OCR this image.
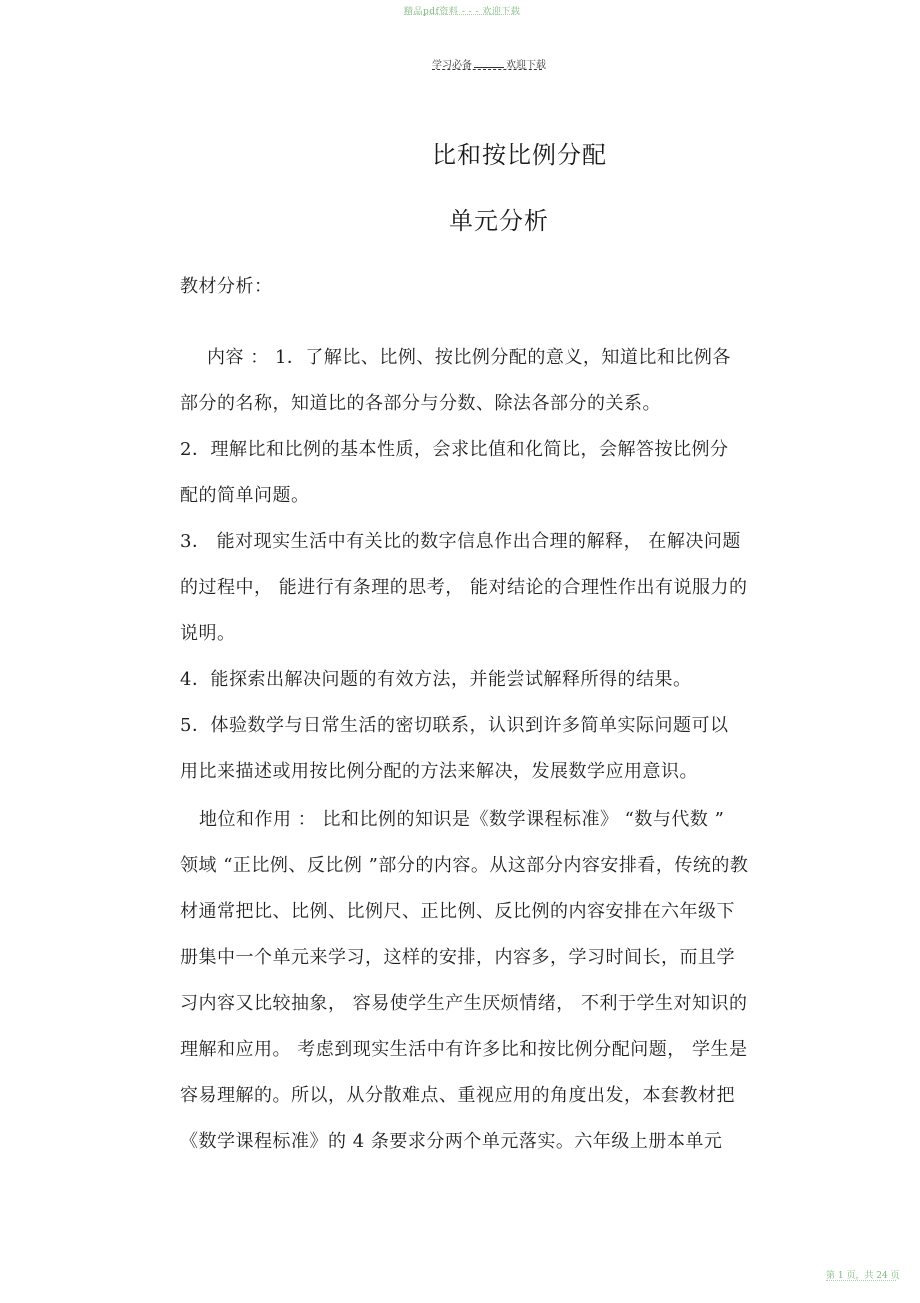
精品pdf资料 - - - 欢迎下载
学习必备	欢迎下载
比和按比例分配
单元分析
教材分析：
内容 ： 1．了解比、比例、按比例分配的意义，知道比和比例各
部分的名称，知道比的各部分与分数、除法各部分的关系。
2．理解比和比例的基本性质，会求比值和化简比，会解答按比例分
配的简单问题。
3． 能对现实生活中有关比的数字信息作出合理的解释， 在解决问题
的过程中， 能进行有条理的思考， 能对结论的合理性作出有说服力的
说明。
4．能探索出解决问题的有效方法，并能尝试解释所得的结果。
5．体验数学与日常生活的密切联系，认识到许多简单实际问题可以
用比来描述或用按比例分配的方法来解决，发展数学应用意识。
地位和作用 ： 比和比例的知识是《数学课程标准》 “数与代数 ”
领域 “正比例、反比例 ”部分的内容。从这部分内容安排看，传统的教
材通常把比、比例、比例尺、正比例、反比例的内容安排在六年级下
册集中一个单元来学习，这样的安排，内容多，学习时间长，而且学
习内容又比较抽象， 容易使学生产生厌烦情绪， 不利于学生对知识的
理解和应用。 考虑到现实生活中有许多比和按比例分配问题， 学生是
容易理解的。所以，从分散难点、重视应用的角度出发，本套教材把
《数学课程标准》的 4 条要求分两个单元落实。六年级上册本单元
第 1 页，共 24 页
